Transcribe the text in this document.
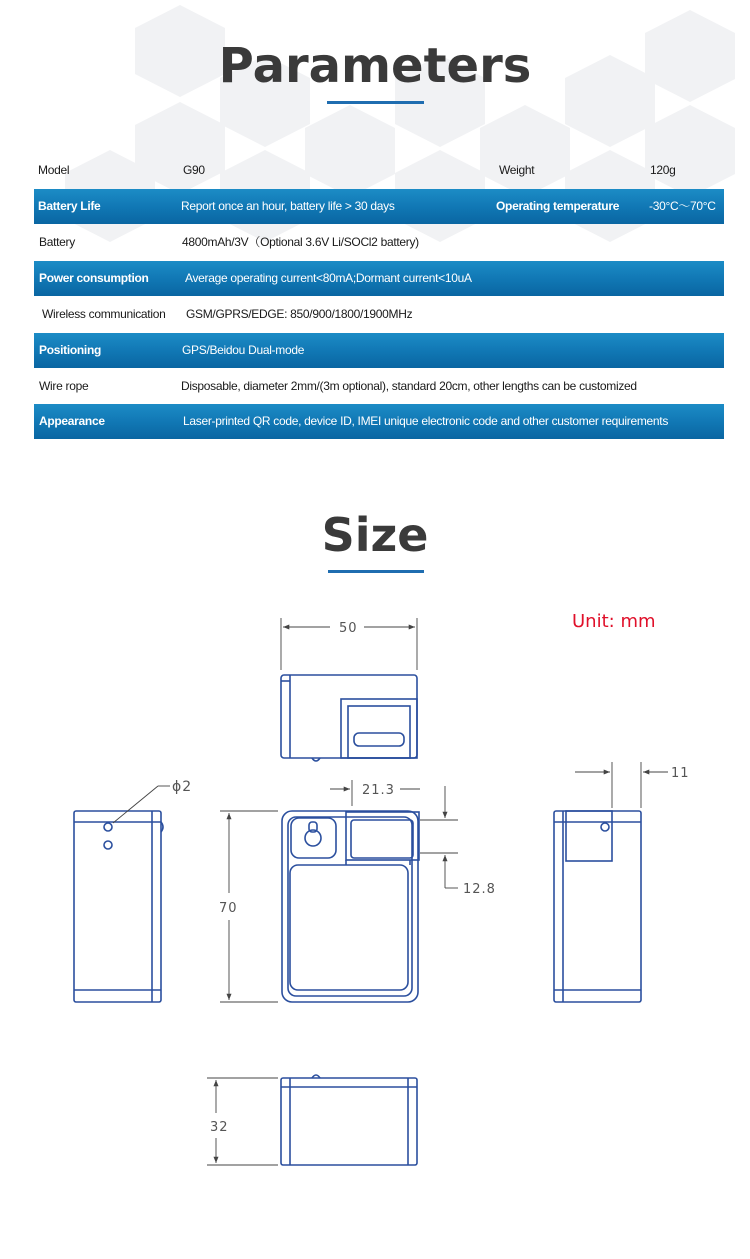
Parameters
Model	G90	Weight	120g
Battery Life	Report once an hour, battery life > 30 days	Operating temperature -30°C～70°C
Battery	4800mAh/3V（Optional 3.6V Li/SOCl2 battery)
Power consumption	Average operating current<80mA;Dormant current<10uA
Wireless communication GSM/GPRS/EDGE: 850/900/1800/1900MHz
Positioning	GPS/Beidou Dual-mode
Wire rope	Disposable, diameter 2mm/(3m optional), standard 20cm, other lengths can be customized
Appearance	Laser-printed QR code, device ID, IMEI unique electronic code and other customer requirements
Size
Unit: mm
50
21.3
11
ϕ2
70
12.8
32
